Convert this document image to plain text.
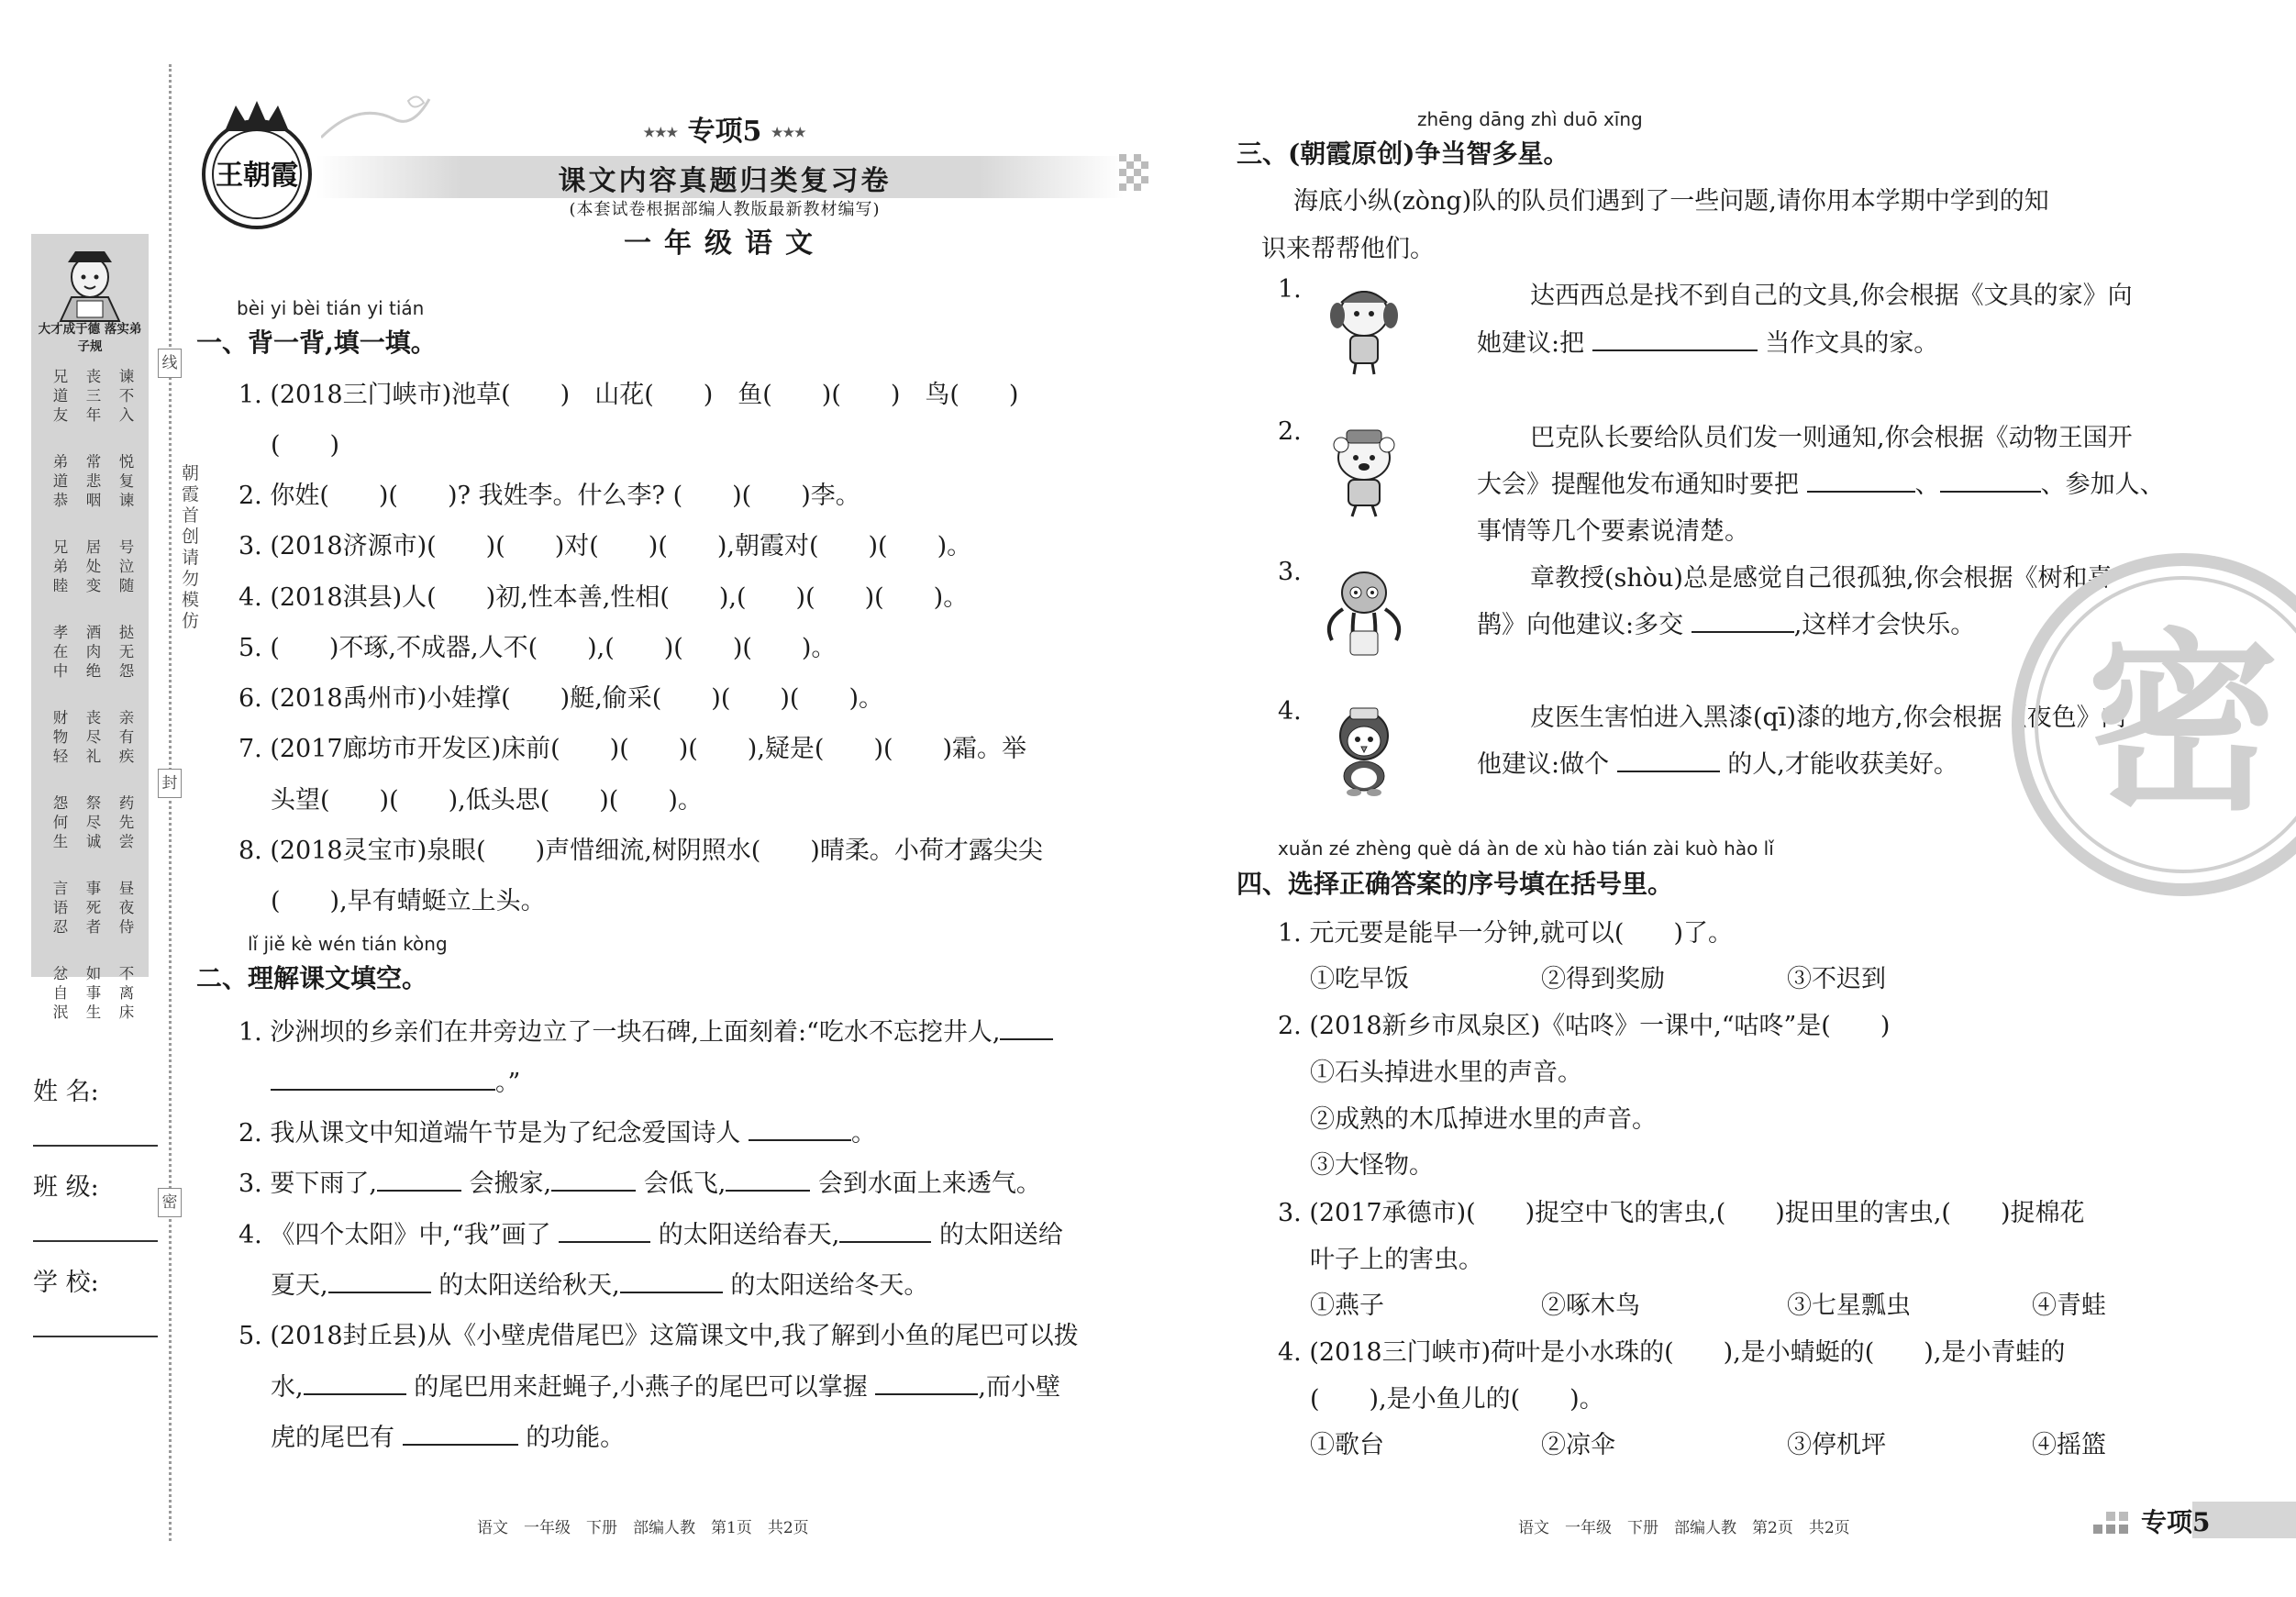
线
封
密
朝霞首创 请勿模仿
大才成于德 落实弟子规
谏不入
丧三年
兄道友
悦复谏
常悲咽
弟道恭
号泣随
居处变
兄弟睦
挞无怨
酒肉绝
孝在中
亲有疾
丧尽礼
财物轻
药先尝
祭尽诚
怨何生
昼夜侍
事死者
言语忍
不离床
如事生
忿自泯
姓 名:
班 级:
学 校:
王朝霞
★★★ 专项5 ★★★
课文内容真题归类复习卷
(本套试卷根据部编人教版最新教材编写)
一年级语文
bèi yi bèi tián yi tián
一、背一背,填一填。
1. (2018三门峡市)池草(　　)　山花(　　)　鱼(　　)(　　)　鸟(　　)
(　　)
2. 你姓(　　)(　　)? 我姓李。什么李? (　　)(　　)李。
3. (2018济源市)(　　)(　　)对(　　)(　　),朝霞对(　　)(　　)。
4. (2018淇县)人(　　)初,性本善,性相(　　),(　　)(　　)(　　)。
5. (　　)不琢,不成器,人不(　　),(　　)(　　)(　　)。
6. (2018禹州市)小娃撑(　　)艇,偷采(　　)(　　)(　　)。
7. (2017廊坊市开发区)床前(　　)(　　)(　　),疑是(　　)(　　)霜。举
头望(　　)(　　),低头思(　　)(　　)。
8. (2018灵宝市)泉眼(　　)声惜细流,树阴照水(　　)晴柔。小荷才露尖尖
(　　),早有蜻蜓立上头。
lǐ jiě kè wén tián kòng
二、理解课文填空。
1. 沙洲坝的乡亲们在井旁边立了一块石碑,上面刻着:“吃水不忘挖井人,
。”
2. 我从课文中知道端午节是为了纪念爱国诗人	。
3. 要下雨了,	会搬家,	会低飞,	会到水面上来透气。
4. 《四个太阳》中,“我”画了	的太阳送给春天,	的太阳送给
夏天,	的太阳送给秋天,	的太阳送给冬天。
5. (2018封丘县)从《小壁虎借尾巴》这篇课文中,我了解到小鱼的尾巴可以拨
水,	的尾巴用来赶蝇子,小燕子的尾巴可以掌握	,而小壁
虎的尾巴有	的功能。
语文　一年级　下册　部编人教　第1页　共2页
zhēng dāng zhì duō xīng
三、(朝霞原创)争当智多星。
海底小纵(zòng)队的队员们遇到了一些问题,请你用本学期中学到的知
识来帮帮他们。
1.	达西西总是找不到自己的文具,你会根据《文具的家》向
她建议:把	当作文具的家。
2.	巴克队长要给队员们发一则通知,你会根据《动物王国开
大会》提醒他发布通知时要把	、	、参加人、
事情等几个要素说清楚。
3.	章教授(shòu)总是感觉自己很孤独,你会根据《树和喜
鹊》向他建议:多交	,这样才会快乐。
4.	皮医生害怕进入黑漆(qī)漆的地方,你会根据《夜色》向
他建议:做个	的人,才能收获美好。
xuǎn zé zhèng què dá àn de xù hào tián zài kuò hào lǐ
四、选择正确答案的序号填在括号里。
1. 元元要是能早一分钟,就可以(　　)了。
①吃早饭	②得到奖励	③不迟到
2. (2018新乡市凤泉区)《咕咚》一课中,“咕咚”是(　　)
①石头掉进水里的声音。
②成熟的木瓜掉进水里的声音。
③大怪物。
3. (2017承德市)(　　)捉空中飞的害虫,(　　)捉田里的害虫,(　　)捉棉花
叶子上的害虫。
①燕子	②啄木鸟	③七星瓢虫	④青蛙
4. (2018三门峡市)荷叶是小水珠的(　　),是小蜻蜓的(　　),是小青蛙的
(　　),是小鱼儿的(　　)。
①歌台	②凉伞	③停机坪	④摇篮
密
语文　一年级　下册　部编人教　第2页　共2页	专项5
